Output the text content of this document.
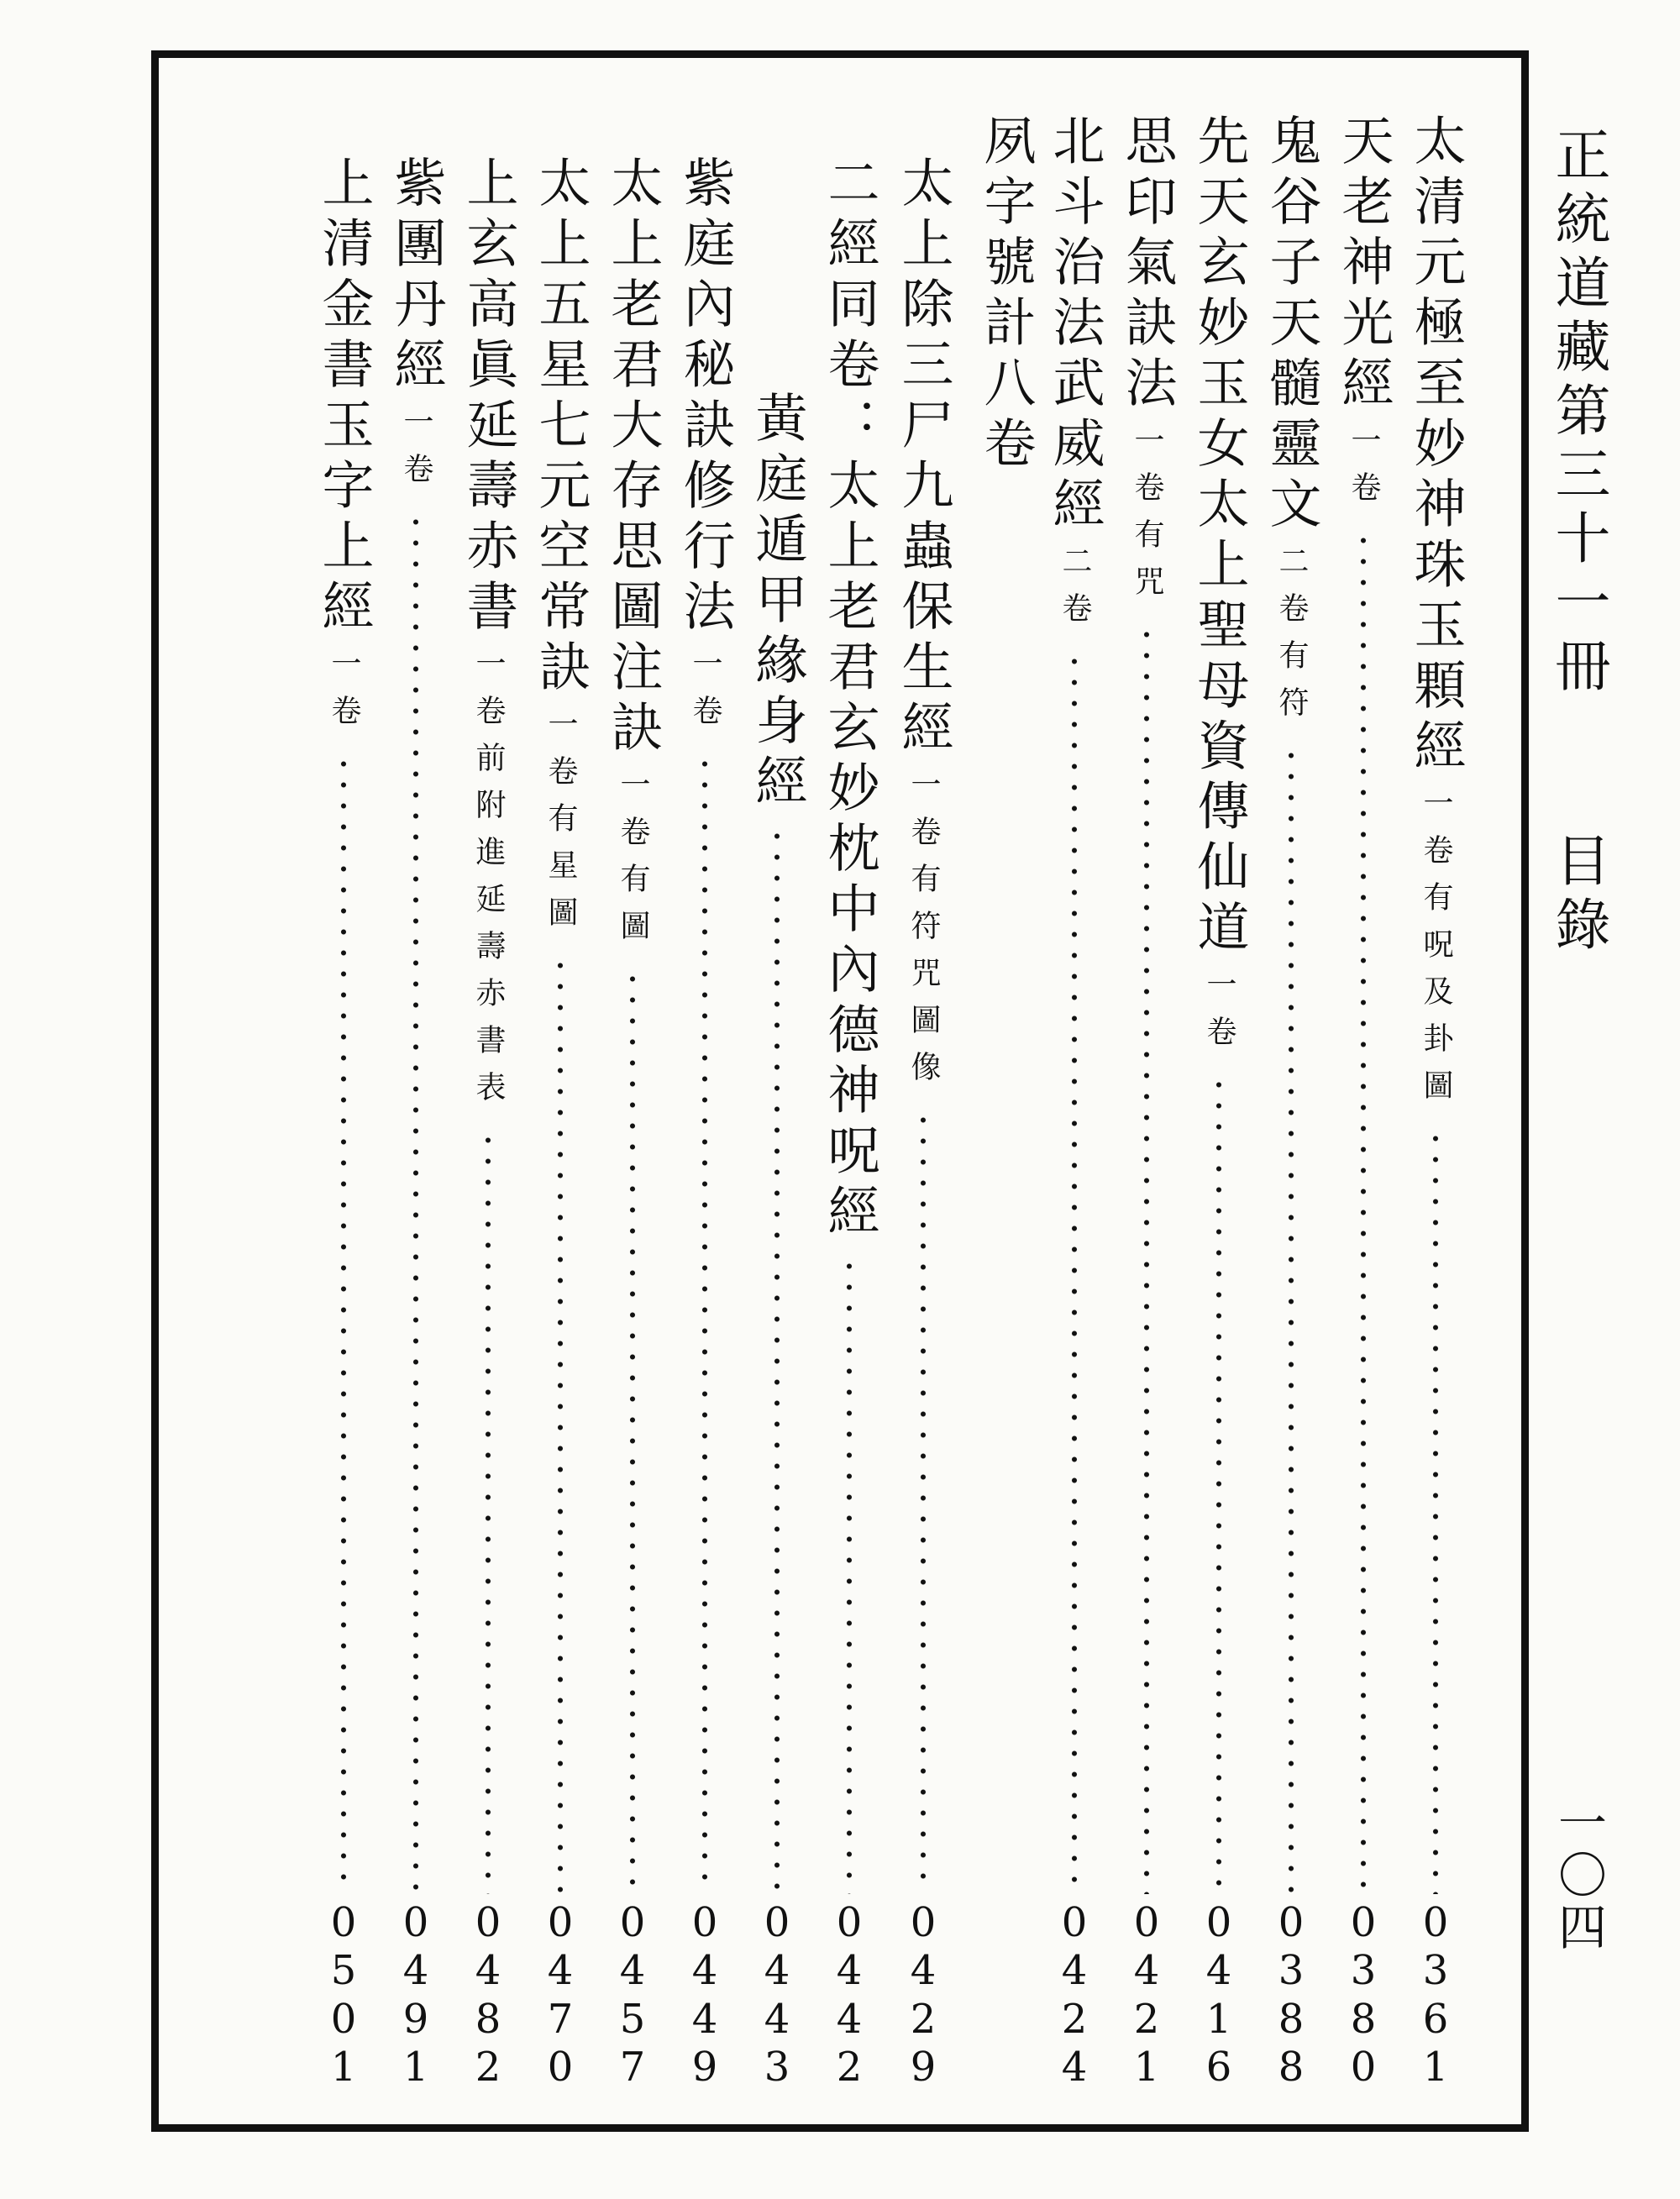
正統道藏第三十一冊
目錄
一〇四
太清元極至妙神珠玉顆經
一卷有呪及卦圖
0
3
6
1
天老神光經
一卷
0
3
8
0
鬼谷子天髓靈文
二卷有符
0
3
8
8
先天玄妙玉女太上聖母資傳仙道
一卷
0
4
1
6
思印氣訣法
一卷有咒
0
4
2
1
北斗治法武威經
二卷
0
4
2
4
夙字號計八卷
太上除三尸九蟲保生經
一卷有符咒圖像
0
4
2
9
二經同卷：太上老君玄妙枕中內德神呪經
0
4
4
2
黃庭遁甲緣身經
0
4
4
3
紫庭內秘訣修行法
一卷
0
4
4
9
太上老君大存思圖注訣
一卷有圖
0
4
5
7
太上五星七元空常訣
一卷有星圖
0
4
7
0
上玄高眞延壽赤書
一卷前附進延壽赤書表
0
4
8
2
紫團丹經
一卷
0
4
9
1
上清金書玉字上經
一卷
0
5
0
1
